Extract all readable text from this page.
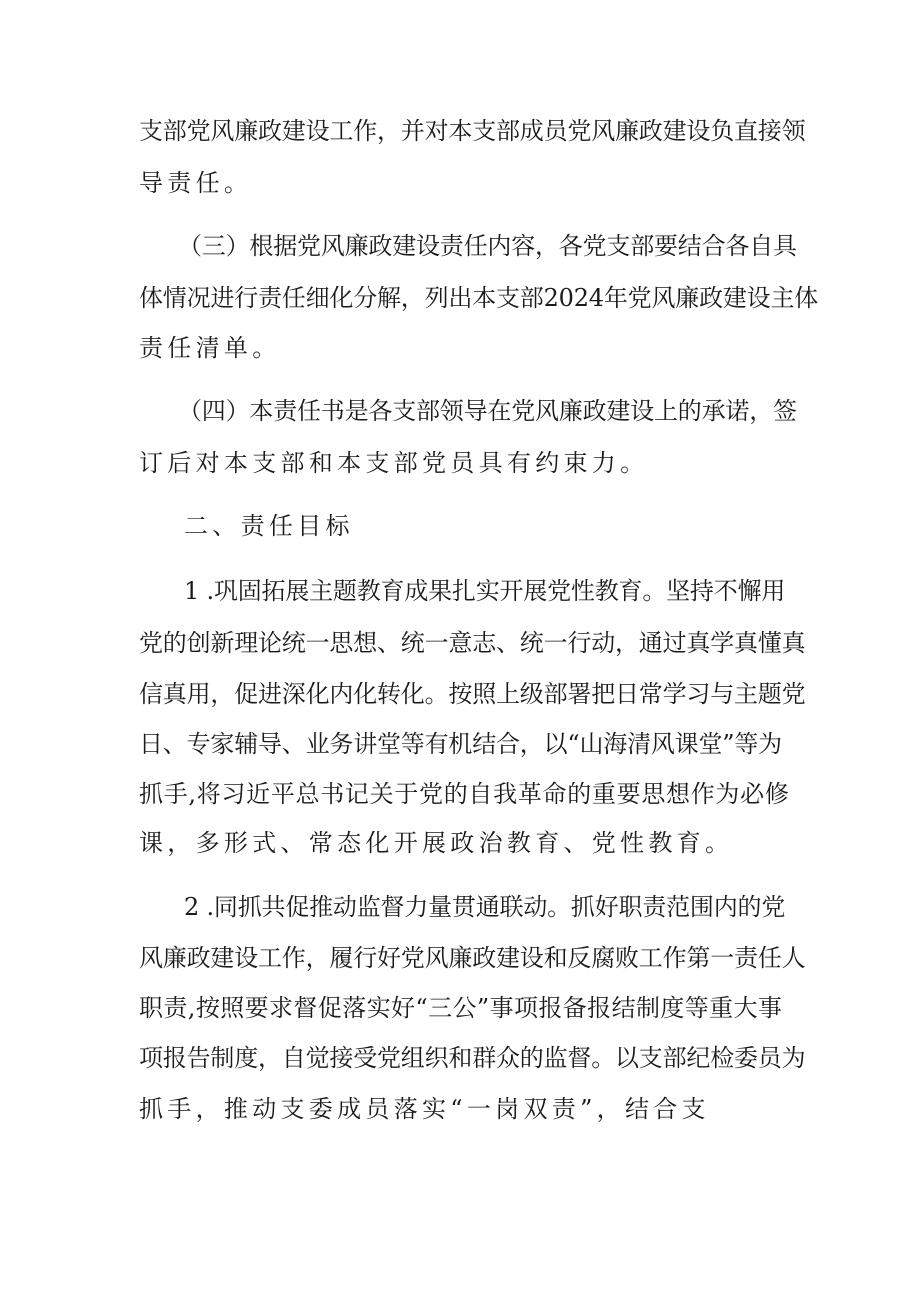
支部党风廉政建设工作，并对本支部成员党风廉政建设负直接领
导责任。
（三）根据党风廉政建设责任内容，各党支部要结合各自具
体情况进行责任细化分解，列出本支部2024年党风廉政建设主体
责任清单。
（四）本责任书是各支部领导在党风廉政建设上的承诺，签
订后对本支部和本支部党员具有约束力。
二、责任目标
1 .巩固拓展主题教育成果扎实开展党性教育。坚持不懈用
党的创新理论统一思想、统一意志、统一行动，通过真学真懂真
信真用，促进深化内化转化。按照上级部署把日常学习与主题党
日、专家辅导、业务讲堂等有机结合，以“山海清风课堂”等为
抓手,将习近平总书记关于党的自我革命的重要思想作为必修
课，多形式、常态化开展政治教育、党性教育。
2 .同抓共促推动监督力量贯通联动。抓好职责范围内的党
风廉政建设工作，履行好党风廉政建设和反腐败工作第一责任人
职责,按照要求督促落实好“三公”事项报备报结制度等重大事
项报告制度，自觉接受党组织和群众的监督。以支部纪检委员为
抓手，推动支委成员落实“一岗双责”，结合支
